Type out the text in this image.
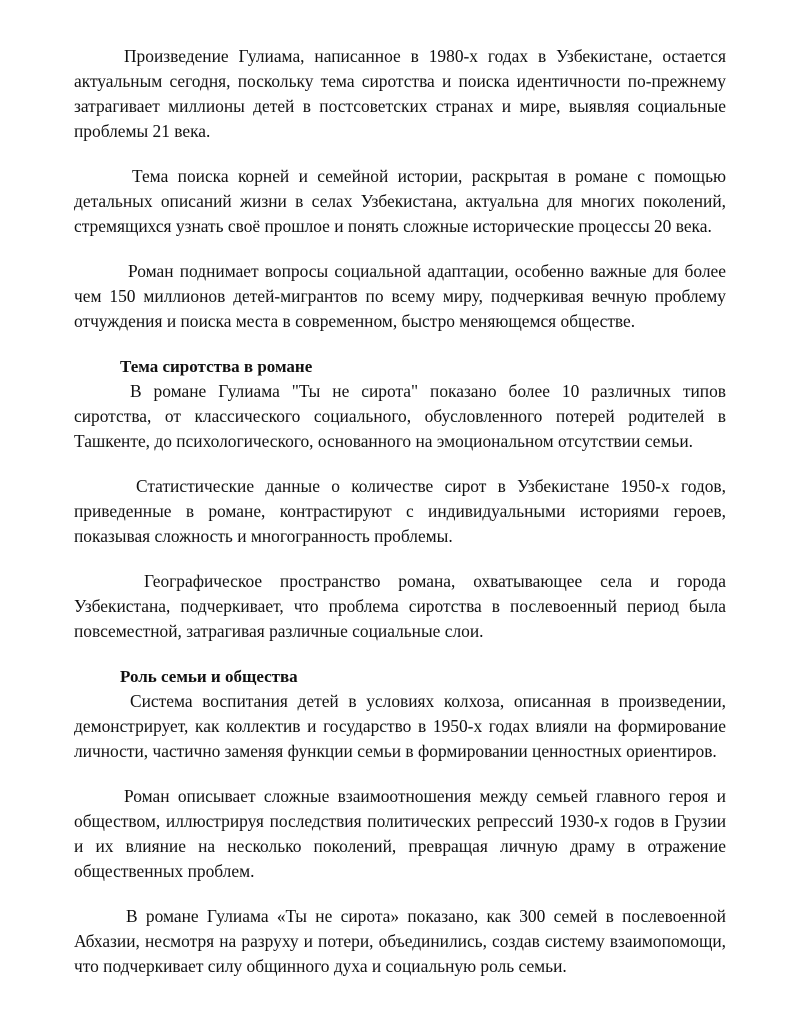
Произведение Гулиама, написанное в 1980-х годах в Узбекистане, остается актуальным сегодня, поскольку тема сиротства и поиска идентичности по-прежнему затрагивает миллионы детей в постсоветских странах и мире, выявляя социальные проблемы 21 века.

Тема поиска корней и семейной истории, раскрытая в романе с помощью детальных описаний жизни в селах Узбекистана, актуальна для многих поколений, стремящихся узнать своё прошлое и понять сложные исторические процессы 20 века.

Роман поднимает вопросы социальной адаптации, особенно важные для более чем 150 миллионов детей-мигрантов по всему миру, подчеркивая вечную проблему отчуждения и поиска места в современном, быстро меняющемся обществе.

Тема сиротства в романе

В романе Гулиама "Ты не сирота" показано более 10 различных типов сиротства, от классического социального, обусловленного потерей родителей в Ташкенте, до психологического, основанного на эмоциональном отсутствии семьи.

Статистические данные о количестве сирот в Узбекистане 1950-х годов, приведенные в романе, контрастируют с индивидуальными историями героев, показывая сложность и многогранность проблемы.

Географическое пространство романа, охватывающее села и города Узбекистана, подчеркивает, что проблема сиротства в послевоенный период была повсеместной, затрагивая различные социальные слои.

Роль семьи и общества

Система воспитания детей в условиях колхоза, описанная в произведении, демонстрирует, как коллектив и государство в 1950-х годах влияли на формирование личности, частично заменяя функции семьи в формировании ценностных ориентиров.

Роман описывает сложные взаимоотношения между семьей главного героя и обществом, иллюстрируя последствия политических репрессий 1930-х годов в Грузии и их влияние на несколько поколений, превращая личную драму в отражение общественных проблем.

В романе Гулиама «Ты не сирота» показано, как 300 семей в послевоенной Абхазии, несмотря на разруху и потери, объединились, создав систему взаимопомощи, что подчеркивает силу общинного духа и социальную роль семьи.
